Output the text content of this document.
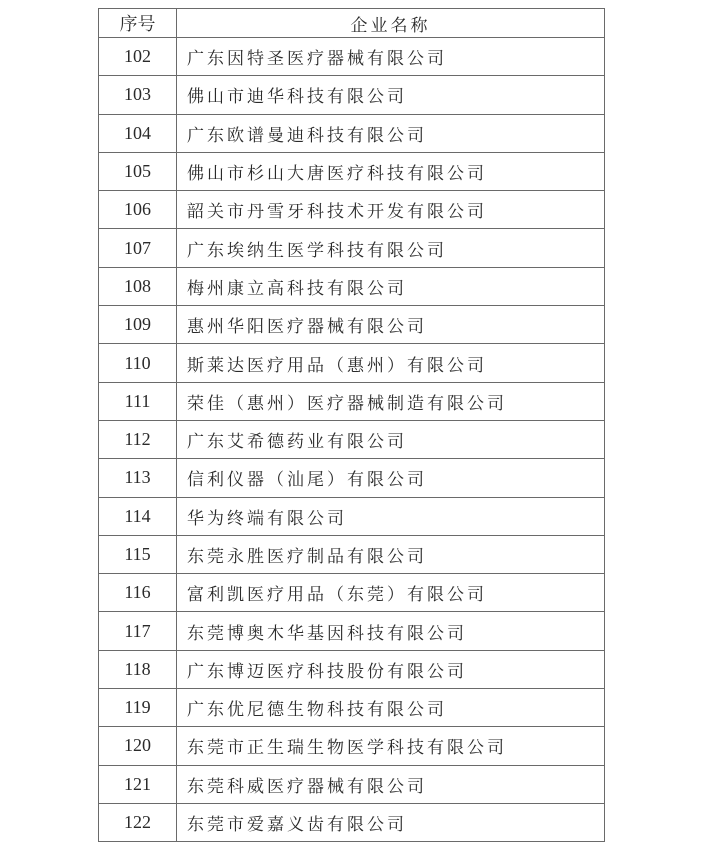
序号	企业名称
102	广东因特圣医疗器械有限公司
103	佛山市迪华科技有限公司
104	广东欧谱曼迪科技有限公司
105	佛山市杉山大唐医疗科技有限公司
106	韶关市丹雪牙科技术开发有限公司
107	广东埃纳生医学科技有限公司
108	梅州康立高科技有限公司
109	惠州华阳医疗器械有限公司
110	斯莱达医疗用品（惠州）有限公司
111	荣佳（惠州）医疗器械制造有限公司
112	广东艾希德药业有限公司
113	信利仪器（汕尾）有限公司
114	华为终端有限公司
115	东莞永胜医疗制品有限公司
116	富利凯医疗用品（东莞）有限公司
117	东莞博奥木华基因科技有限公司
118	广东博迈医疗科技股份有限公司
119	广东优尼德生物科技有限公司
120	东莞市正生瑞生物医学科技有限公司
121	东莞科威医疗器械有限公司
122	东莞市爱嘉义齿有限公司
